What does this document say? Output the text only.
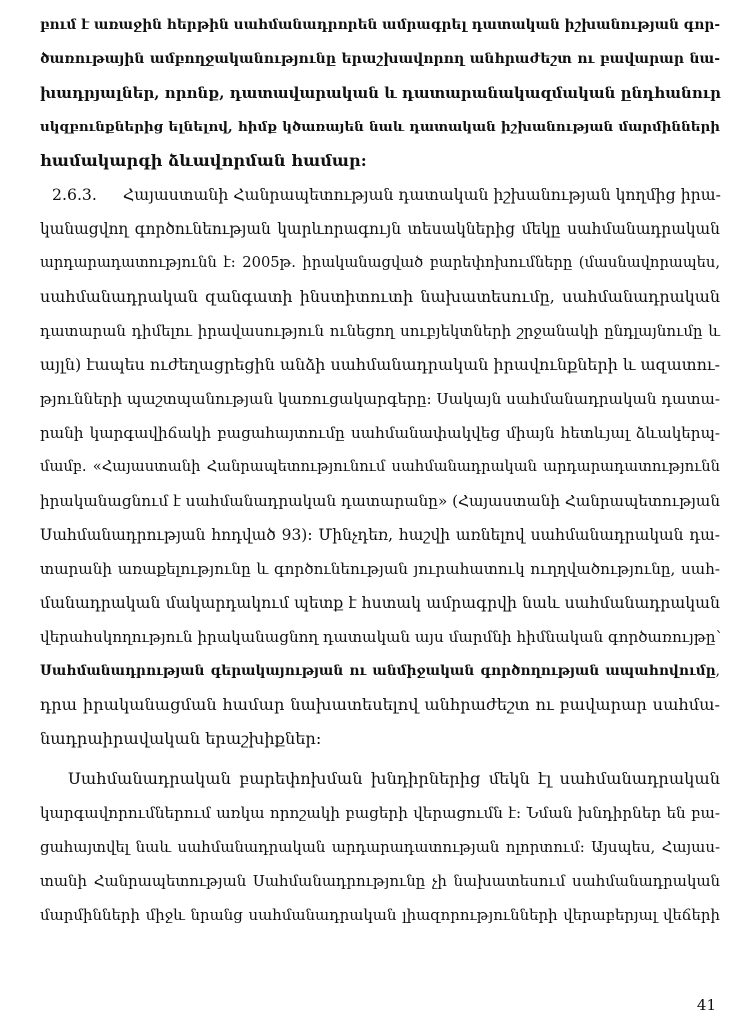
բում է առաջին հերթին սահմանադրորեն ամրագրել դատական իշխանության գոր-
ծառութային ամբողջականությունը երաշխավորող անհրաժեշտ ու բավարար նա-
խադրյալներ, որոնք, դատավարական և դատարանակազմական ընդհանուր
սկզբունքներից ելնելով, հիմք կծառայեն նաև դատական իշխանության մարմինների
համակարգի ձևավորման համար:
2.6.3. Հայաստանի Հանրապետության դատական իշխանության կողմից իրա-
կանացվող գործունեության կարևորագույն տեսակներից մեկը սահմանադրական
արդարադատությունն է: 2005թ. իրականացված բարեփոխումները (մասնավորապես,
սահմանադրական զանգատի ինստիտուտի նախատեսումը, սահմանադրական
դատարան դիմելու իրավասություն ունեցող սուբյեկտների շրջանակի ընդլայնումը և
այլն) էապես ուժեղացրեցին անձի սահմանադրական իրավունքների և ազատու-
թյունների պաշտպանության կառուցակարգերը: Սակայն սահմանադրական դատա-
րանի կարգավիճակի բացահայտումը սահմանափակվեց միայն հետևյալ ձևակերպ-
մամբ. «Հայաստանի Հանրապետությունում սահմանադրական արդարադատությունն
իրականացնում է սահմանադրական դատարանը» (Հայաստանի Հանրապետության
Սահմանադրության հոդված 93): Մինչդեռ, հաշվի առնելով սահմանադրական դա-
տարանի առաքելությունը և գործունեության յուրահատուկ ուղղվածությունը, սահ-
մանադրական մակարդակում պետք է հստակ ամրագրվի նաև սահմանադրական
վերահսկողություն իրականացնող դատական այս մարմնի հիմնական գործառույթը՝
Սահմանադրության գերակայության ու անմիջական գործողության ապահովումը,
դրա իրականացման համար նախատեսելով անհրաժեշտ ու բավարար սահմա-
նադրաիրավական երաշխիքներ:
Սահմանադրական բարեփոխման խնդիրներից մեկն էլ սահմանադրական
կարգավորումներում առկա որոշակի բացերի վերացումն է: Նման խնդիրներ են բա-
ցահայտվել նաև սահմանադրական արդարադատության ոլորտում: Այսպես, Հայաս-
տանի Հանրապետության Սահմանադրությունը չի նախատեսում սահմանադրական
մարմինների միջև նրանց սահմանադրական լիազորությունների վերաբերյալ վեճերի
41
